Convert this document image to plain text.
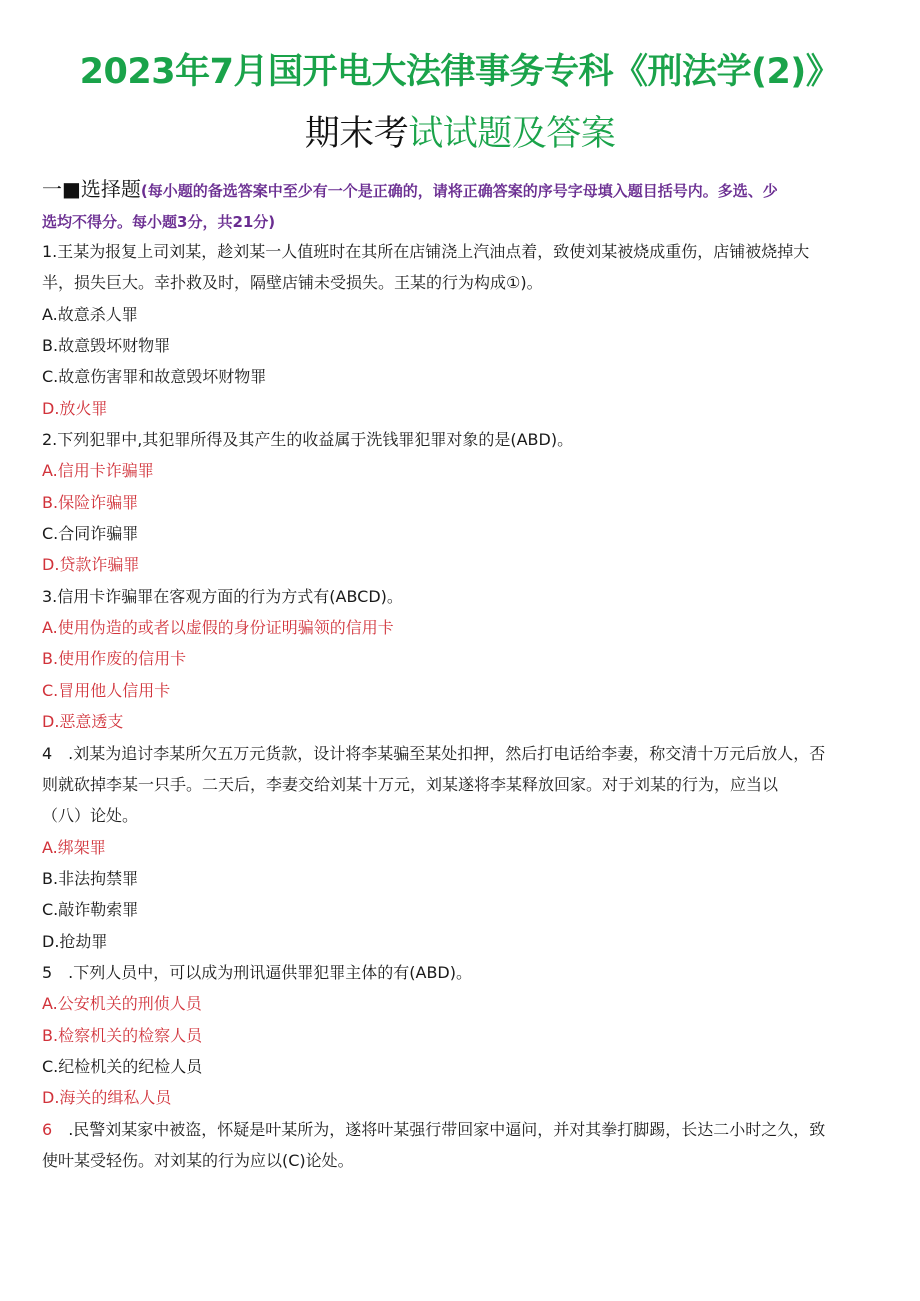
2023年7月国开电大法律事务专科《刑法学(2)》
期末考试试题及答案
一■选择题(每小题的备选答案中至少有一个是正确的，请将正确答案的序号字母填入题目括号内。多选、少
选均不得分。每小题3分，共21分)
1.王某为报复上司刘某，趁刘某一人值班时在其所在店铺浇上汽油点着，致使刘某被烧成重伤，店铺被烧掉大
半，损失巨大。幸扑救及时，隔壁店铺未受损失。王某的行为构成①)。
A.故意杀人罪
B.故意毁坏财物罪
C.故意伤害罪和故意毁坏财物罪
D.放火罪
2.下列犯罪中,其犯罪所得及其产生的收益属于洗钱罪犯罪对象的是(ABD)。
A.信用卡诈骗罪
B.保险诈骗罪
C.合同诈骗罪
D.贷款诈骗罪
3.信用卡诈骗罪在客观方面的行为方式有(ABCD)。
A.使用伪造的或者以虚假的身份证明骗领的信用卡
B.使用作废的信用卡
C.冒用他人信用卡
D.恶意透支
4　.刘某为追讨李某所欠五万元货款，设计将李某骗至某处扣押，然后打电话给李妻，称交清十万元后放人，否
则就砍掉李某一只手。二天后，李妻交给刘某十万元，刘某遂将李某释放回家。对于刘某的行为，应当以
（八）论处。
A.绑架罪
B.非法拘禁罪
C.敲诈勒索罪
D.抢劫罪
5　.下列人员中，可以成为刑讯逼供罪犯罪主体的有(ABD)。
A.公安机关的刑侦人员
B.检察机关的检察人员
C.纪检机关的纪检人员
D.海关的缉私人员
6　.民警刘某家中被盗，怀疑是叶某所为，遂将叶某强行带回家中逼问，并对其拳打脚踢，长达二小时之久，致
使叶某受轻伤。对刘某的行为应以(C)论处。
